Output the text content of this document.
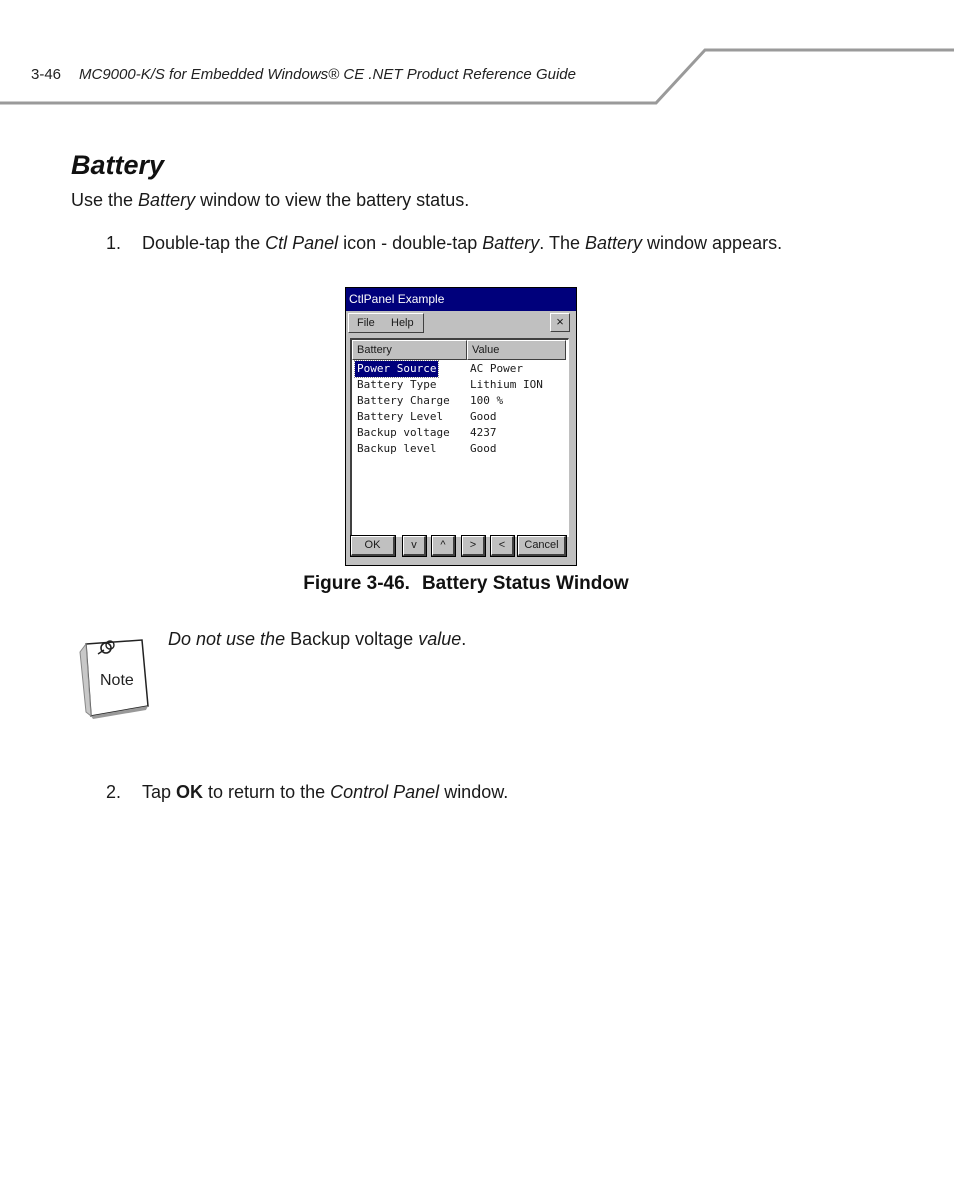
3-46 MC9000-K/S for Embedded Windows® CE .NET Product Reference Guide
Battery
Use the Battery window to view the battery status.
1. Double-tap the Ctl Panel icon - double-tap Battery. The Battery window appears.
CtlPanel Example
File Help	×
Battery	Value
Power Source	AC Power
Battery Type	Lithium ION
Battery Charge 100 %
Battery Level Good
Backup voltage 4237
Backup level	Good
OK	v	^	>	<	Cancel
Figure 3-46. Battery Status Window
Note
Do not use the Backup voltage value.
2. Tap OK to return to the Control Panel window.
